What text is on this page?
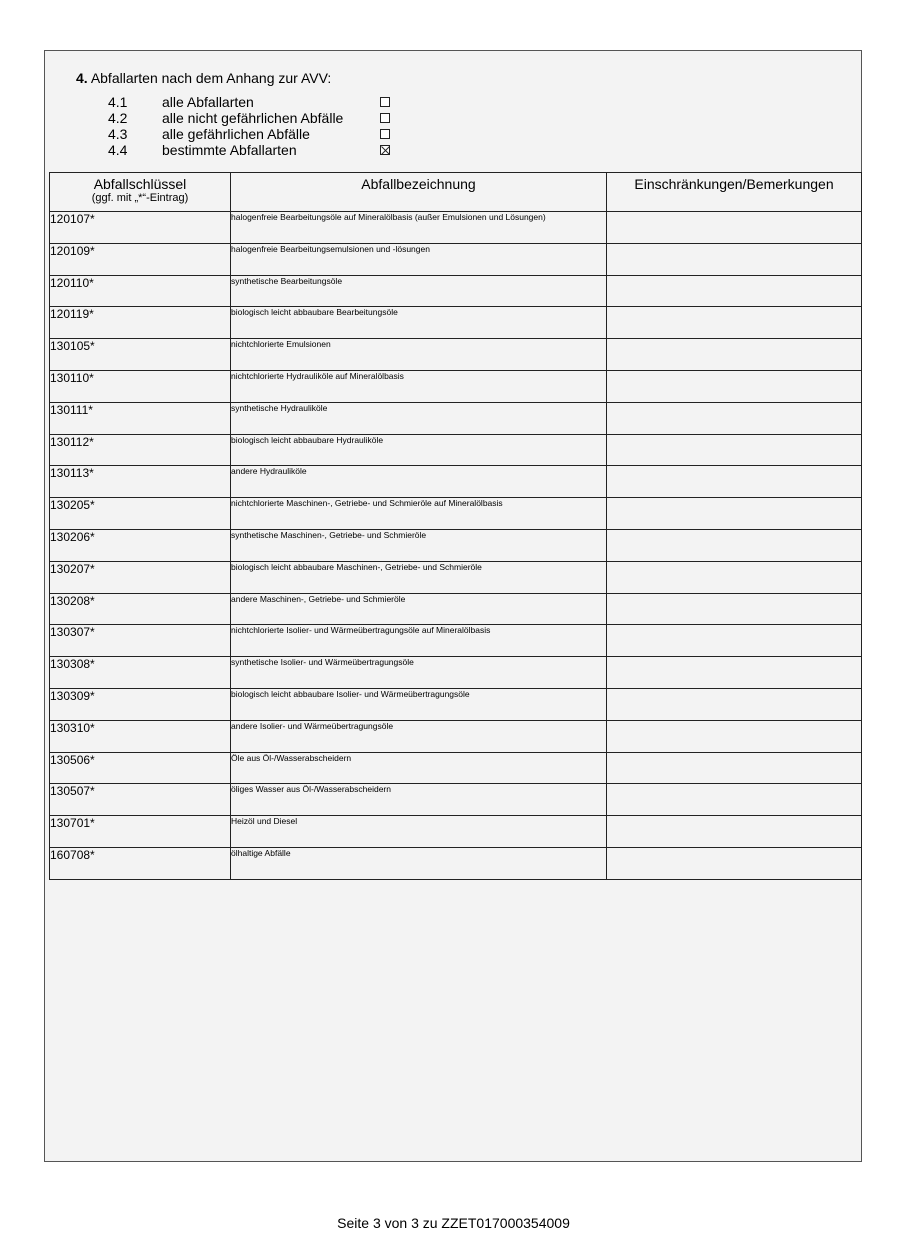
4. Abfallarten nach dem Anhang zur AVV:
4.1 alle Abfallarten
4.2 alle nicht gefährlichen Abfälle
4.3 alle gefährlichen Abfälle
4.4 bestimmte Abfallarten
Abfallschlüssel
(ggf. mit „*“-Eintrag)	Abfallbezeichnung	Einschränkungen/Bemerkungen

120107*	halogenfreie Bearbeitungsöle auf Mineralölbasis (außer Emulsionen und Lösungen)	
120109*	halogenfreie Bearbeitungsemulsionen und -lösungen	
120110*	synthetische Bearbeitungsöle	
120119*	biologisch leicht abbaubare Bearbeitungsöle	
130105*	nichtchlorierte Emulsionen	
130110*	nichtchlorierte Hydrauliköle auf Mineralölbasis	
130111*	synthetische Hydrauliköle	
130112*	biologisch leicht abbaubare Hydrauliköle	
130113*	andere Hydrauliköle	
130205*	nichtchlorierte Maschinen-, Getriebe- und Schmieröle auf Mineralölbasis	
130206*	synthetische Maschinen-, Getriebe- und Schmieröle	
130207*	biologisch leicht abbaubare Maschinen-, Getriebe- und Schmieröle	
130208*	andere Maschinen-, Getriebe- und Schmieröle	
130307*	nichtchlorierte Isolier- und Wärmeübertragungsöle auf Mineralölbasis	
130308*	synthetische Isolier- und Wärmeübertragungsöle	
130309*	biologisch leicht abbaubare Isolier- und Wärmeübertragungsöle	
130310*	andere Isolier- und Wärmeübertragungsöle	
130506*	Öle aus Öl-/Wasserabscheidern	
130507*	öliges Wasser aus Öl-/Wasserabscheidern	
130701*	Heizöl und Diesel	
160708*	ölhaltige Abfälle	
Seite 3 von 3 zu ZZET017000354009
